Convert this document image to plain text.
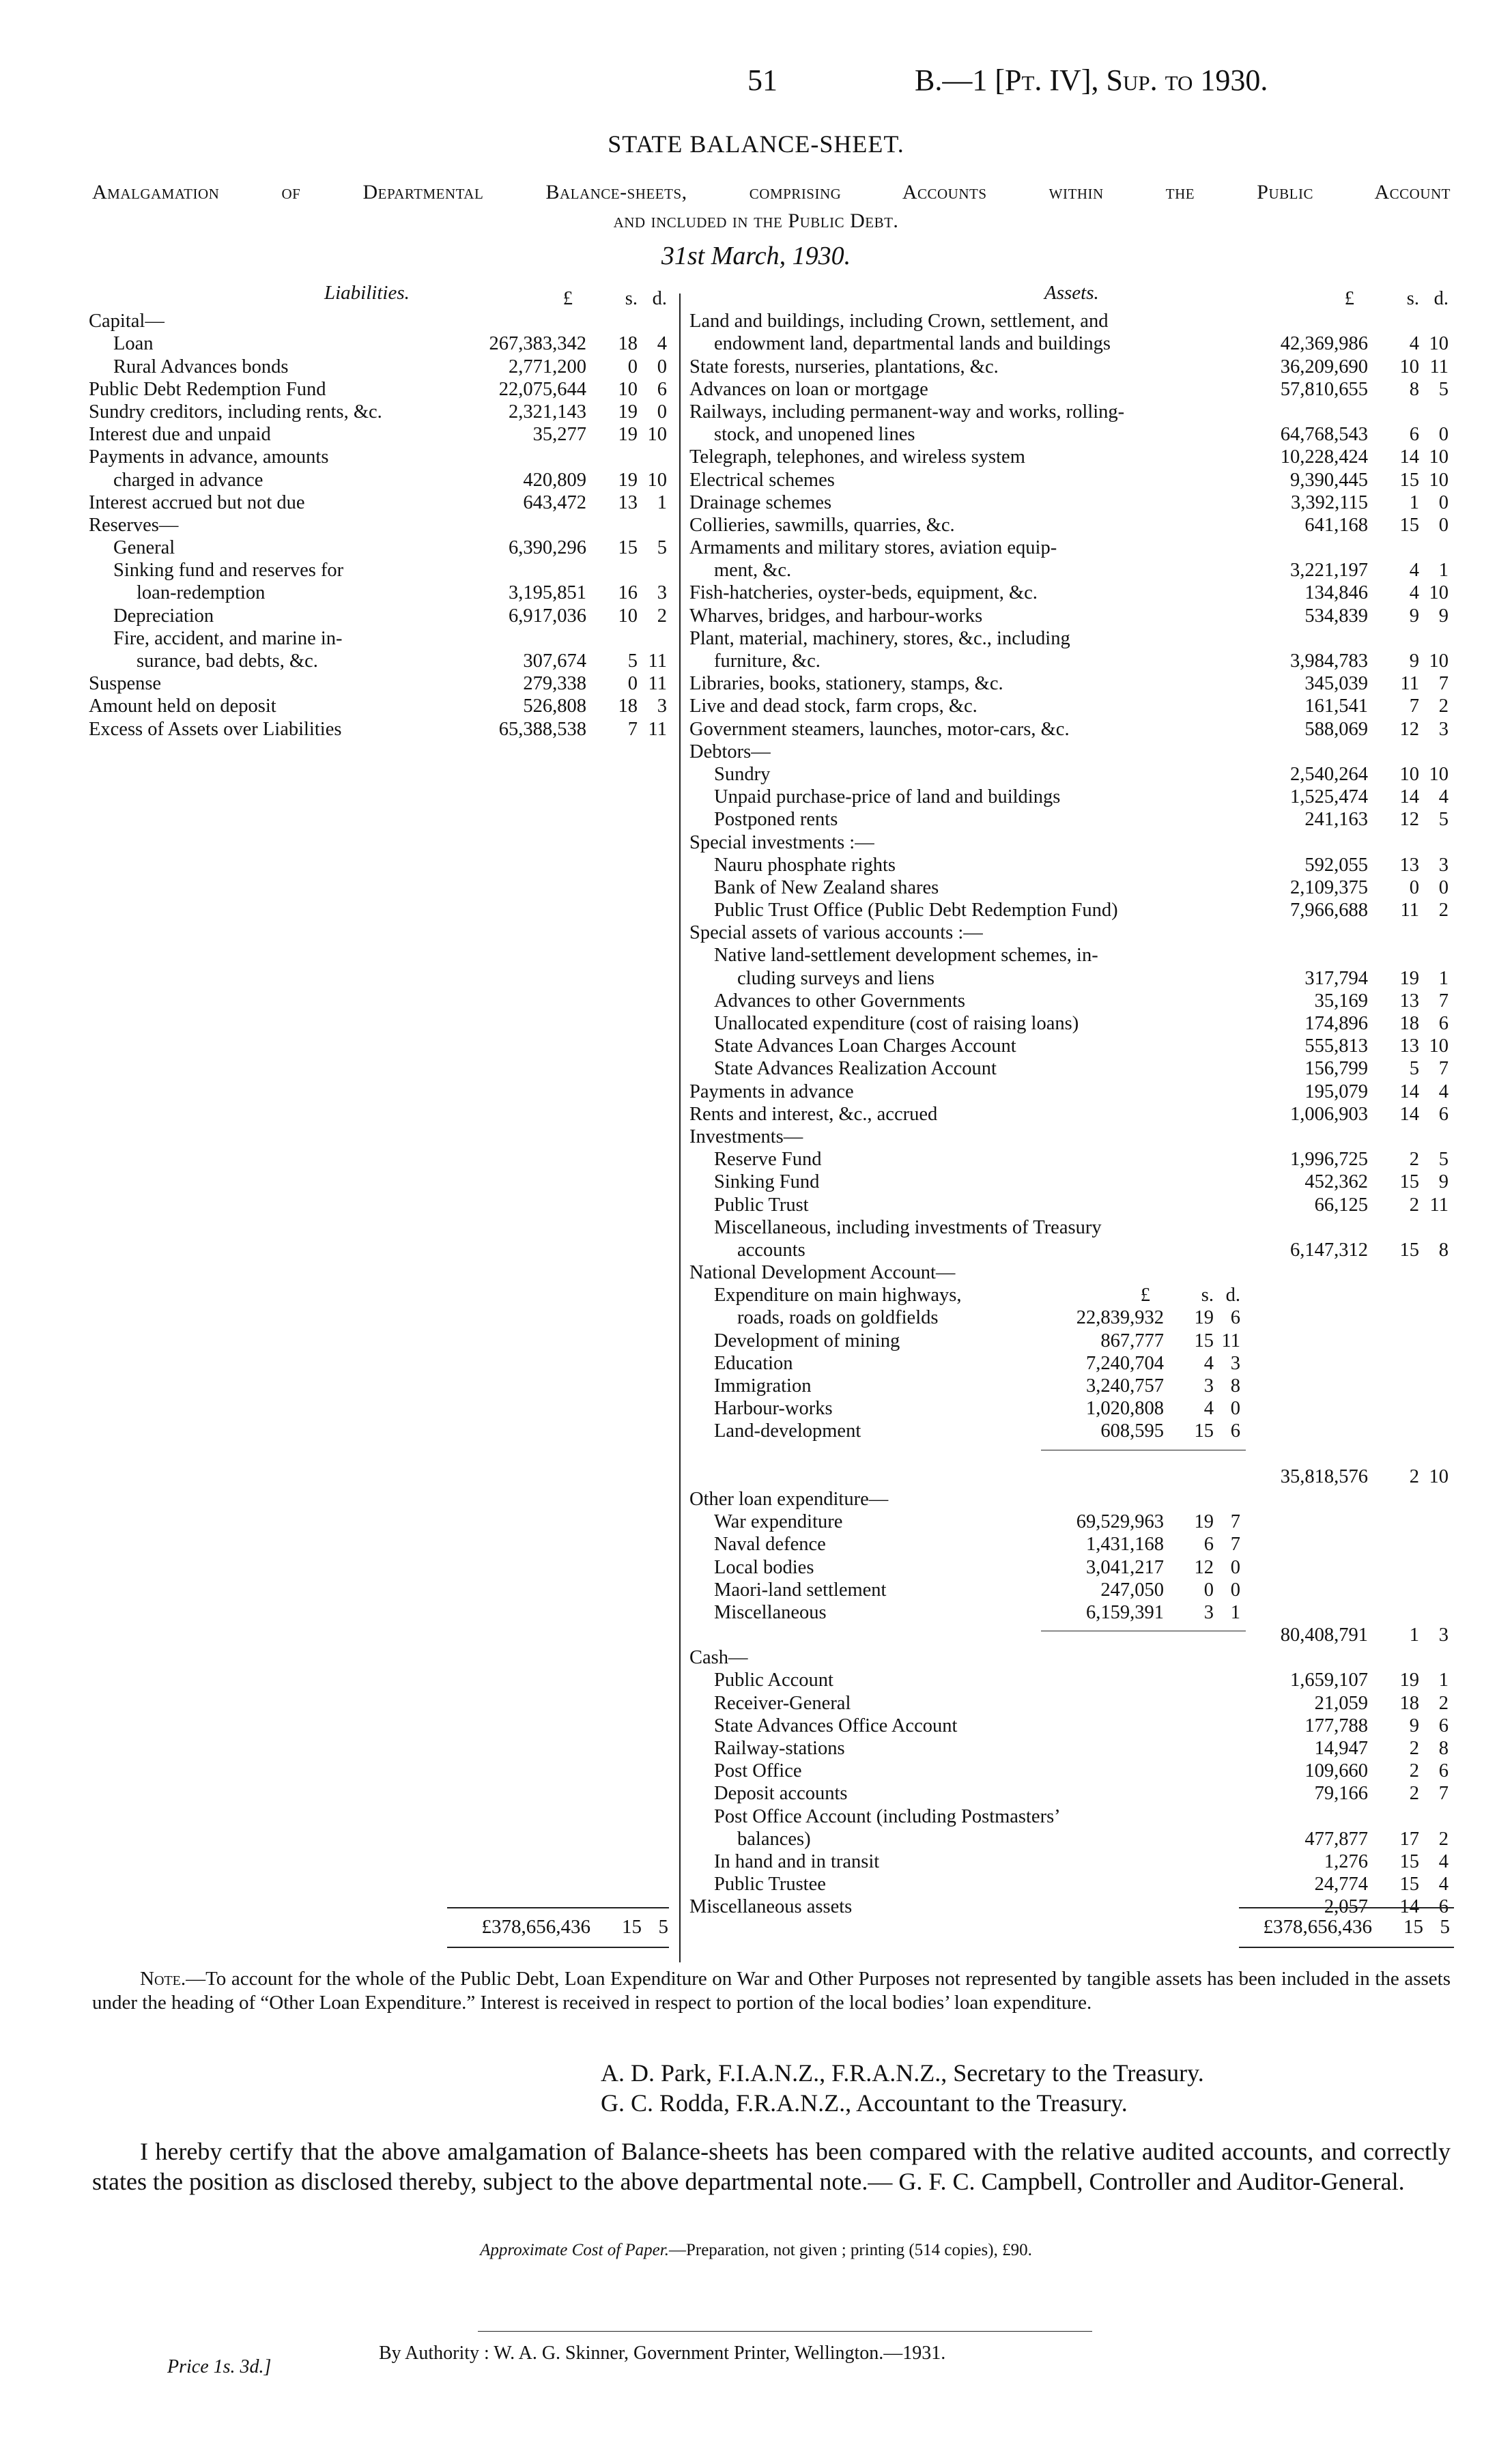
51	B.—1 [Pt. IV], Sup. to 1930.
STATE BALANCE-SHEET.
Amalgamation of Departmental Balance-sheets, comprising Accounts within the Public Account
and included in the Public Debt.
31st March, 1930.
Liabilities.	£	s. d.
Capital—
Loan	267,383,342 18 4
Rural Advances bonds	2,771,200 0 0
Public Debt Redemption Fund	22,075,644 10 6
Sundry creditors, including rents, &c.	2,321,143 19 0
Interest due and unpaid	35,277 19 10
Payments in advance, amounts
charged in advance	420,809 19 10
Interest accrued but not due	643,472 13 1
Reserves—
General	6,390,296 15 5
Sinking fund and reserves for
loan-redemption	3,195,851 16 3
Depreciation	6,917,036 10 2
Fire, accident, and marine in-
surance, bad debts, &c.	307,674 5 11
Suspense	279,338 0 11
Amount held on deposit	526,808 18 3
Excess of Assets over Liabilities	65,388,538 7 11
Assets.	£	s. d.
Land and buildings, including Crown, settlement, and
endowment land, departmental lands and buildings	42,369,986 4 10
State forests, nurseries, plantations, &c.	36,209,690 10 11
Advances on loan or mortgage	57,810,655 8 5
Railways, including permanent-way and works, rolling-
stock, and unopened lines	64,768,543 6 0
Telegraph, telephones, and wireless system	10,228,424 14 10
Electrical schemes	9,390,445 15 10
Drainage schemes	3,392,115 1 0
Collieries, sawmills, quarries, &c.	641,168 15 0
Armaments and military stores, aviation equip-
ment, &c.	3,221,197 4 1
Fish-hatcheries, oyster-beds, equipment, &c.	134,846 4 10
Wharves, bridges, and harbour-works	534,839 9 9
Plant, material, machinery, stores, &c., including
furniture, &c.	3,984,783 9 10
Libraries, books, stationery, stamps, &c.	345,039 11 7
Live and dead stock, farm crops, &c.	161,541 7 2
Government steamers, launches, motor-cars, &c.	588,069 12 3
Debtors—
Sundry	2,540,264 10 10
Unpaid purchase-price of land and buildings	1,525,474 14 4
Postponed rents	241,163 12 5
Special investments :—
Nauru phosphate rights	592,055 13 3
Bank of New Zealand shares	2,109,375 0 0
Public Trust Office (Public Debt Redemption Fund)	7,966,688 11 2
Special assets of various accounts :—
Native land-settlement development schemes, in-
cluding surveys and liens	317,794 19 1
Advances to other Governments	35,169 13 7
Unallocated expenditure (cost of raising loans)	174,896 18 6
State Advances Loan Charges Account	555,813 13 10
State Advances Realization Account	156,799 5 7
Payments in advance	195,079 14 4
Rents and interest, &c., accrued	1,006,903 14 6
Investments—
Reserve Fund	1,996,725 2 5
Sinking Fund	452,362 15 9
Public Trust	66,125 2 11
Miscellaneous, including investments of Treasury
accounts	6,147,312 15 8
National Development Account—
Expenditure on main highways,	£	s. d.
roads, roads on goldfields	22,839,932 19 6
Development of mining	867,777 15 11
Education	7,240,704 4 3
Immigration	3,240,757 3 8
Harbour-works	1,020,808 4 0
Land-development	608,595 15 6
35,818,576 2 10
Other loan expenditure—
War expenditure	69,529,963 19 7
Naval defence	1,431,168 6 7
Local bodies	3,041,217 12 0
Maori-land settlement	247,050 0 0
Miscellaneous	6,159,391 3 1
80,408,791 1 3
Cash—
Public Account	1,659,107 19 1
Receiver-General	21,059 18 2
State Advances Office Account	177,788 9 6
Railway-stations	14,947 2 8
Post Office	109,660 2 6
Deposit accounts	79,166 2 7
Post Office Account (including Postmasters’
balances)	477,877 17 2
In hand and in transit	1,276 15 4
Public Trustee	24,774 15 4
Miscellaneous assets	2,057 14 6
£378,656,436 15 5	£378,656,436 15 5
Note.—To account for the whole of the Public Debt, Loan Expenditure on War and Other Purposes not represented by tangible assets has been included in the assets under the heading of “Other Loan Expenditure.” Interest is received in respect to portion of the local bodies’ loan expenditure.
A. D. Park, F.I.A.N.Z., F.R.A.N.Z., Secretary to the Treasury.
G. C. Rodda, F.R.A.N.Z., Accountant to the Treasury.
I hereby certify that the above amalgamation of Balance-sheets has been compared with the relative audited accounts, and correctly states the position as disclosed thereby, subject to the above departmental note.— G. F. C. Campbell, Controller and Auditor-General.
Approximate Cost of Paper.—Preparation, not given ; printing (514 copies), £90.
By Authority : W. A. G. Skinner, Government Printer, Wellington.—1931.
Price 1s. 3d.]
